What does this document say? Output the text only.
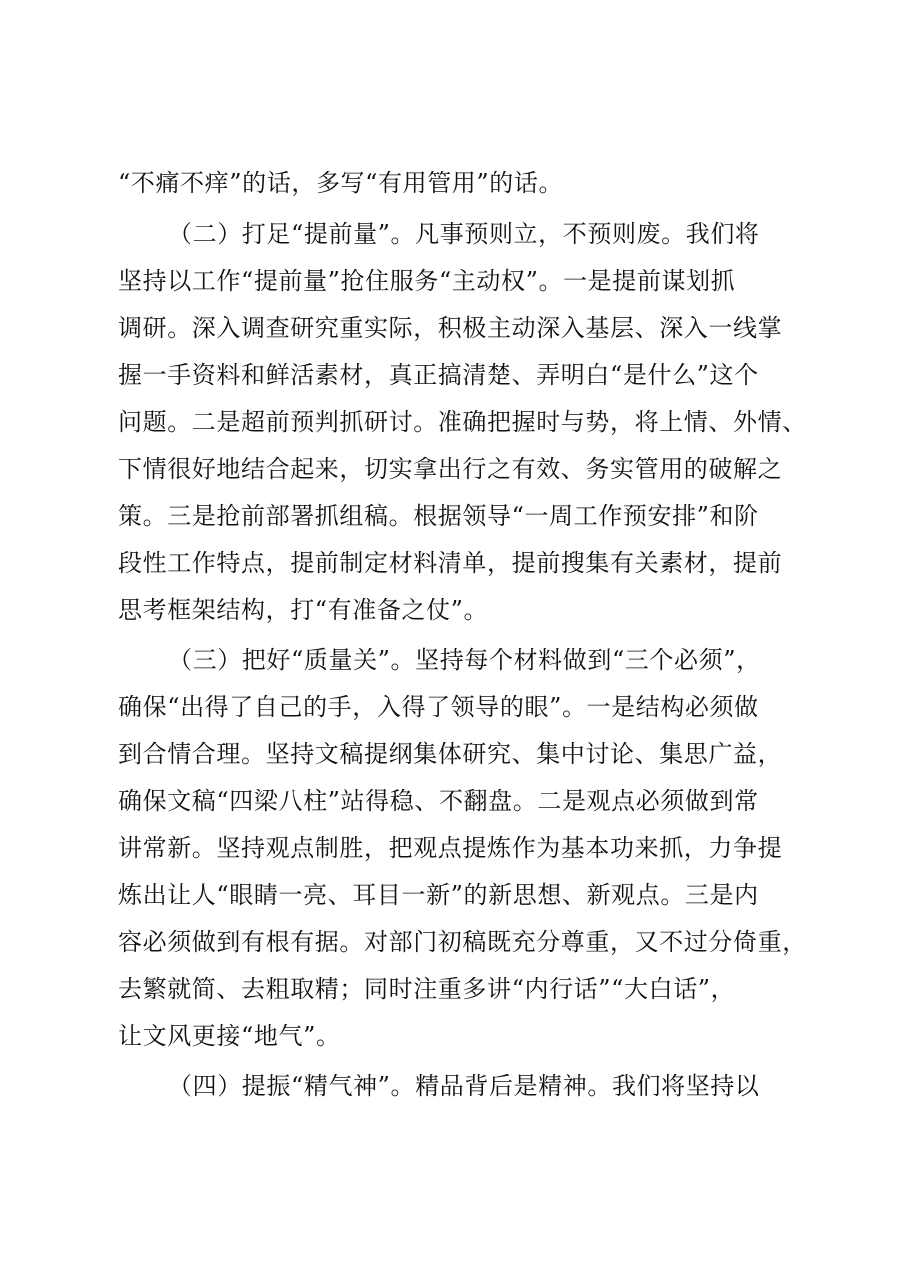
“不痛不痒”的话，多写“有用管用”的话。
（二）打足“提前量”。凡事预则立，不预则废。我们将
坚持以工作“提前量”抢住服务“主动权”。一是提前谋划抓
调研。深入调查研究重实际，积极主动深入基层、深入一线掌
握一手资料和鲜活素材，真正搞清楚、弄明白“是什么”这个
问题。二是超前预判抓研讨。准确把握时与势，将上情、外情、
下情很好地结合起来，切实拿出行之有效、务实管用的破解之
策。三是抢前部署抓组稿。根据领导“一周工作预安排”和阶
段性工作特点，提前制定材料清单，提前搜集有关素材，提前
思考框架结构，打“有准备之仗”。
（三）把好“质量关”。坚持每个材料做到“三个必须”，
确保“出得了自己的手，入得了领导的眼”。一是结构必须做
到合情合理。坚持文稿提纲集体研究、集中讨论、集思广益，
确保文稿“四梁八柱”站得稳、不翻盘。二是观点必须做到常
讲常新。坚持观点制胜，把观点提炼作为基本功来抓，力争提
炼出让人“眼睛一亮、耳目一新”的新思想、新观点。三是内
容必须做到有根有据。对部门初稿既充分尊重，又不过分倚重，
去繁就简、去粗取精；同时注重多讲“内行话”“大白话”，
让文风更接“地气”。
（四）提振“精气神”。精品背后是精神。我们将坚持以
